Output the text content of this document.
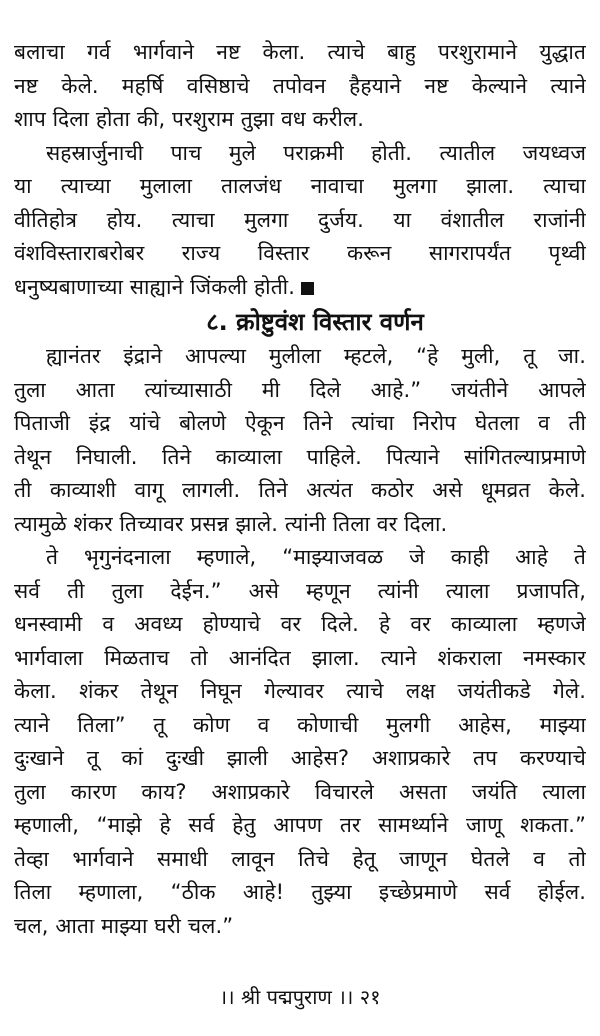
बलाचा गर्व भार्गवाने नष्ट केला. त्याचे बाहु परशुरामाने युद्धात
नष्ट केले. महर्षि वसिष्ठाचे तपोवन हैहयाने नष्ट केल्याने त्याने
शाप दिला होता की, परशुराम तुझा वध करील.
सहस्रार्जुनाची पाच मुले पराक्रमी होती. त्यातील जयध्वज
या त्याच्या मुलाला तालजंध नावाचा मुलगा झाला. त्याचा
वीतिहोत्र होय. त्याचा मुलगा दुर्जय. या वंशातील राजांनी
वंशविस्ताराबरोबर राज्य विस्तार करून सागरापर्यंत पृथ्वी
धनुष्यबाणाच्या साह्याने जिंकली होती.
८. क्रोष्टुवंश विस्तार वर्णन
ह्यानंतर इंद्राने आपल्या मुलीला म्हटले, “हे मुली, तू जा.
तुला आता त्यांच्यासाठी मी दिले आहे.” जयंतीने आपले
पिताजी इंद्र यांचे बोलणे ऐकून तिने त्यांचा निरोप घेतला व ती
तेथून निघाली. तिने काव्याला पाहिले. पित्याने सांगितल्याप्रमाणे
ती काव्याशी वागू लागली. तिने अत्यंत कठोर असे धूमव्रत केले.
त्यामुळे शंकर तिच्यावर प्रसन्न झाले. त्यांनी तिला वर दिला.
ते भृगुनंदनाला म्हणाले, “माझ्याजवळ जे काही आहे ते
सर्व ती तुला देईन.” असे म्हणून त्यांनी त्याला प्रजापति,
धनस्वामी व अवध्य होण्याचे वर दिले. हे वर काव्याला म्हणजे
भार्गवाला मिळताच तो आनंदित झाला. त्याने शंकराला नमस्कार
केला. शंकर तेथून निघून गेल्यावर त्याचे लक्ष जयंतीकडे गेले.
त्याने तिला” तू कोण व कोणाची मुलगी आहेस, माझ्या
दुःखाने तू कां दुःखी झाली आहेस? अशाप्रकारे तप करण्याचे
तुला कारण काय? अशाप्रकारे विचारले असता जयंति त्याला
म्हणाली, “माझे हे सर्व हेतु आपण तर सामर्थ्याने जाणू शकता.”
तेव्हा भार्गवाने समाधी लावून तिचे हेतू जाणून घेतले व तो
तिला म्हणाला, “ठीक आहे! तुझ्या इच्छेप्रमाणे सर्व होईल.
चल, आता माझ्या घरी चल.”
।। श्री पद्मपुराण ।। २१
